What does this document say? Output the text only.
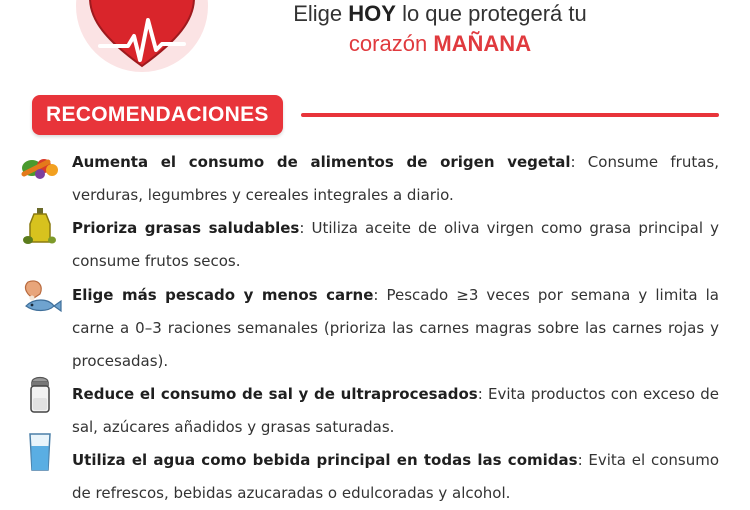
Elige HOY lo que protegerá tu
corazón MAÑANA
RECOMENDACIONES
Aumenta el consumo de alimentos de origen vegetal: Consume frutas, verduras, legumbres y cereales integrales a diario.
Prioriza grasas saludables: Utiliza aceite de oliva virgen como grasa principal y consume frutos secos.
Elige más pescado y menos carne: Pescado ≥3 veces por semana y limita la carne a 0–3 raciones semanales (prioriza las carnes magras sobre las carnes rojas y procesadas).
Reduce el consumo de sal y de ultraprocesados: Evita productos con exceso de sal, azúcares añadidos y grasas saturadas.
Utiliza el agua como bebida principal en todas las comidas: Evita el consumo de refrescos, bebidas azucaradas o edulcoradas y alcohol.
